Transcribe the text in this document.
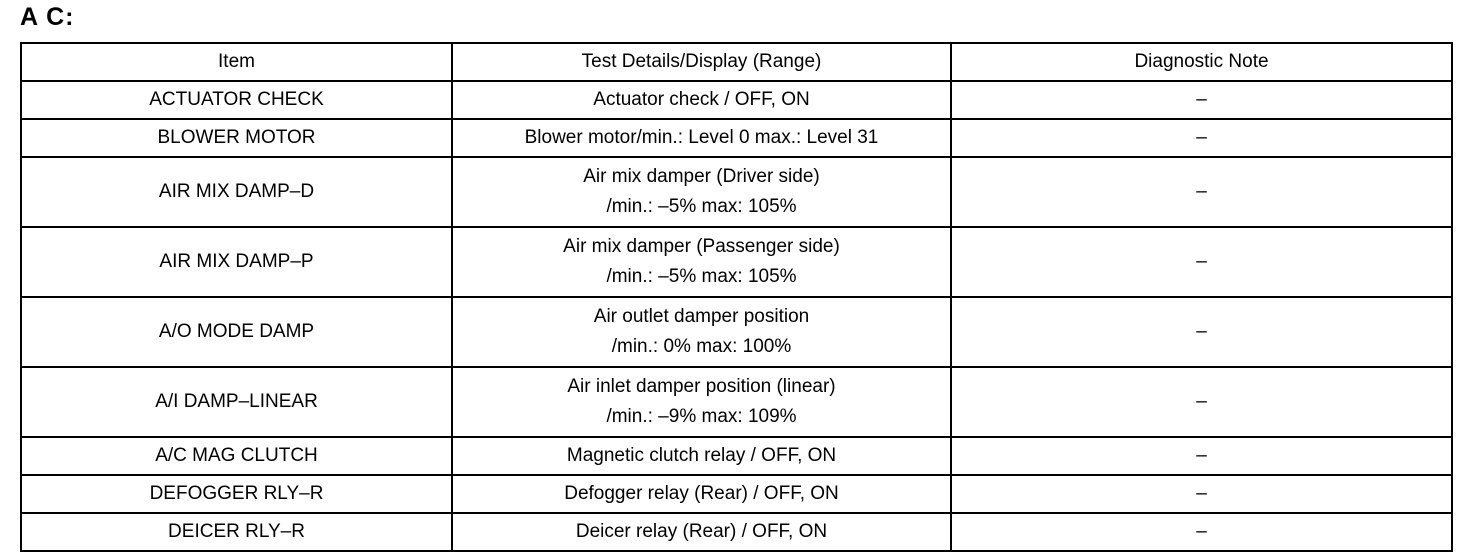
A C:
Item	Test Details/Display (Range)	Diagnostic Note
ACTUATOR CHECK	Actuator check / OFF, ON	–
BLOWER MOTOR	Blower motor/min.: Level 0 max.: Level 31	–
AIR MIX DAMP–D	Air mix damper (Driver side)
/min.: –5% max: 105%	–
AIR MIX DAMP–P	Air mix damper (Passenger side)
/min.: –5% max: 105%	–
A/O MODE DAMP	Air outlet damper position
/min.: 0% max: 100%	–
A/I DAMP–LINEAR	Air inlet damper position (linear)
/min.: –9% max: 109%	–
A/C MAG CLUTCH	Magnetic clutch relay / OFF, ON	–
DEFOGGER RLY–R	Defogger relay (Rear) / OFF, ON	–
DEICER RLY–R	Deicer relay (Rear) / OFF, ON	–
